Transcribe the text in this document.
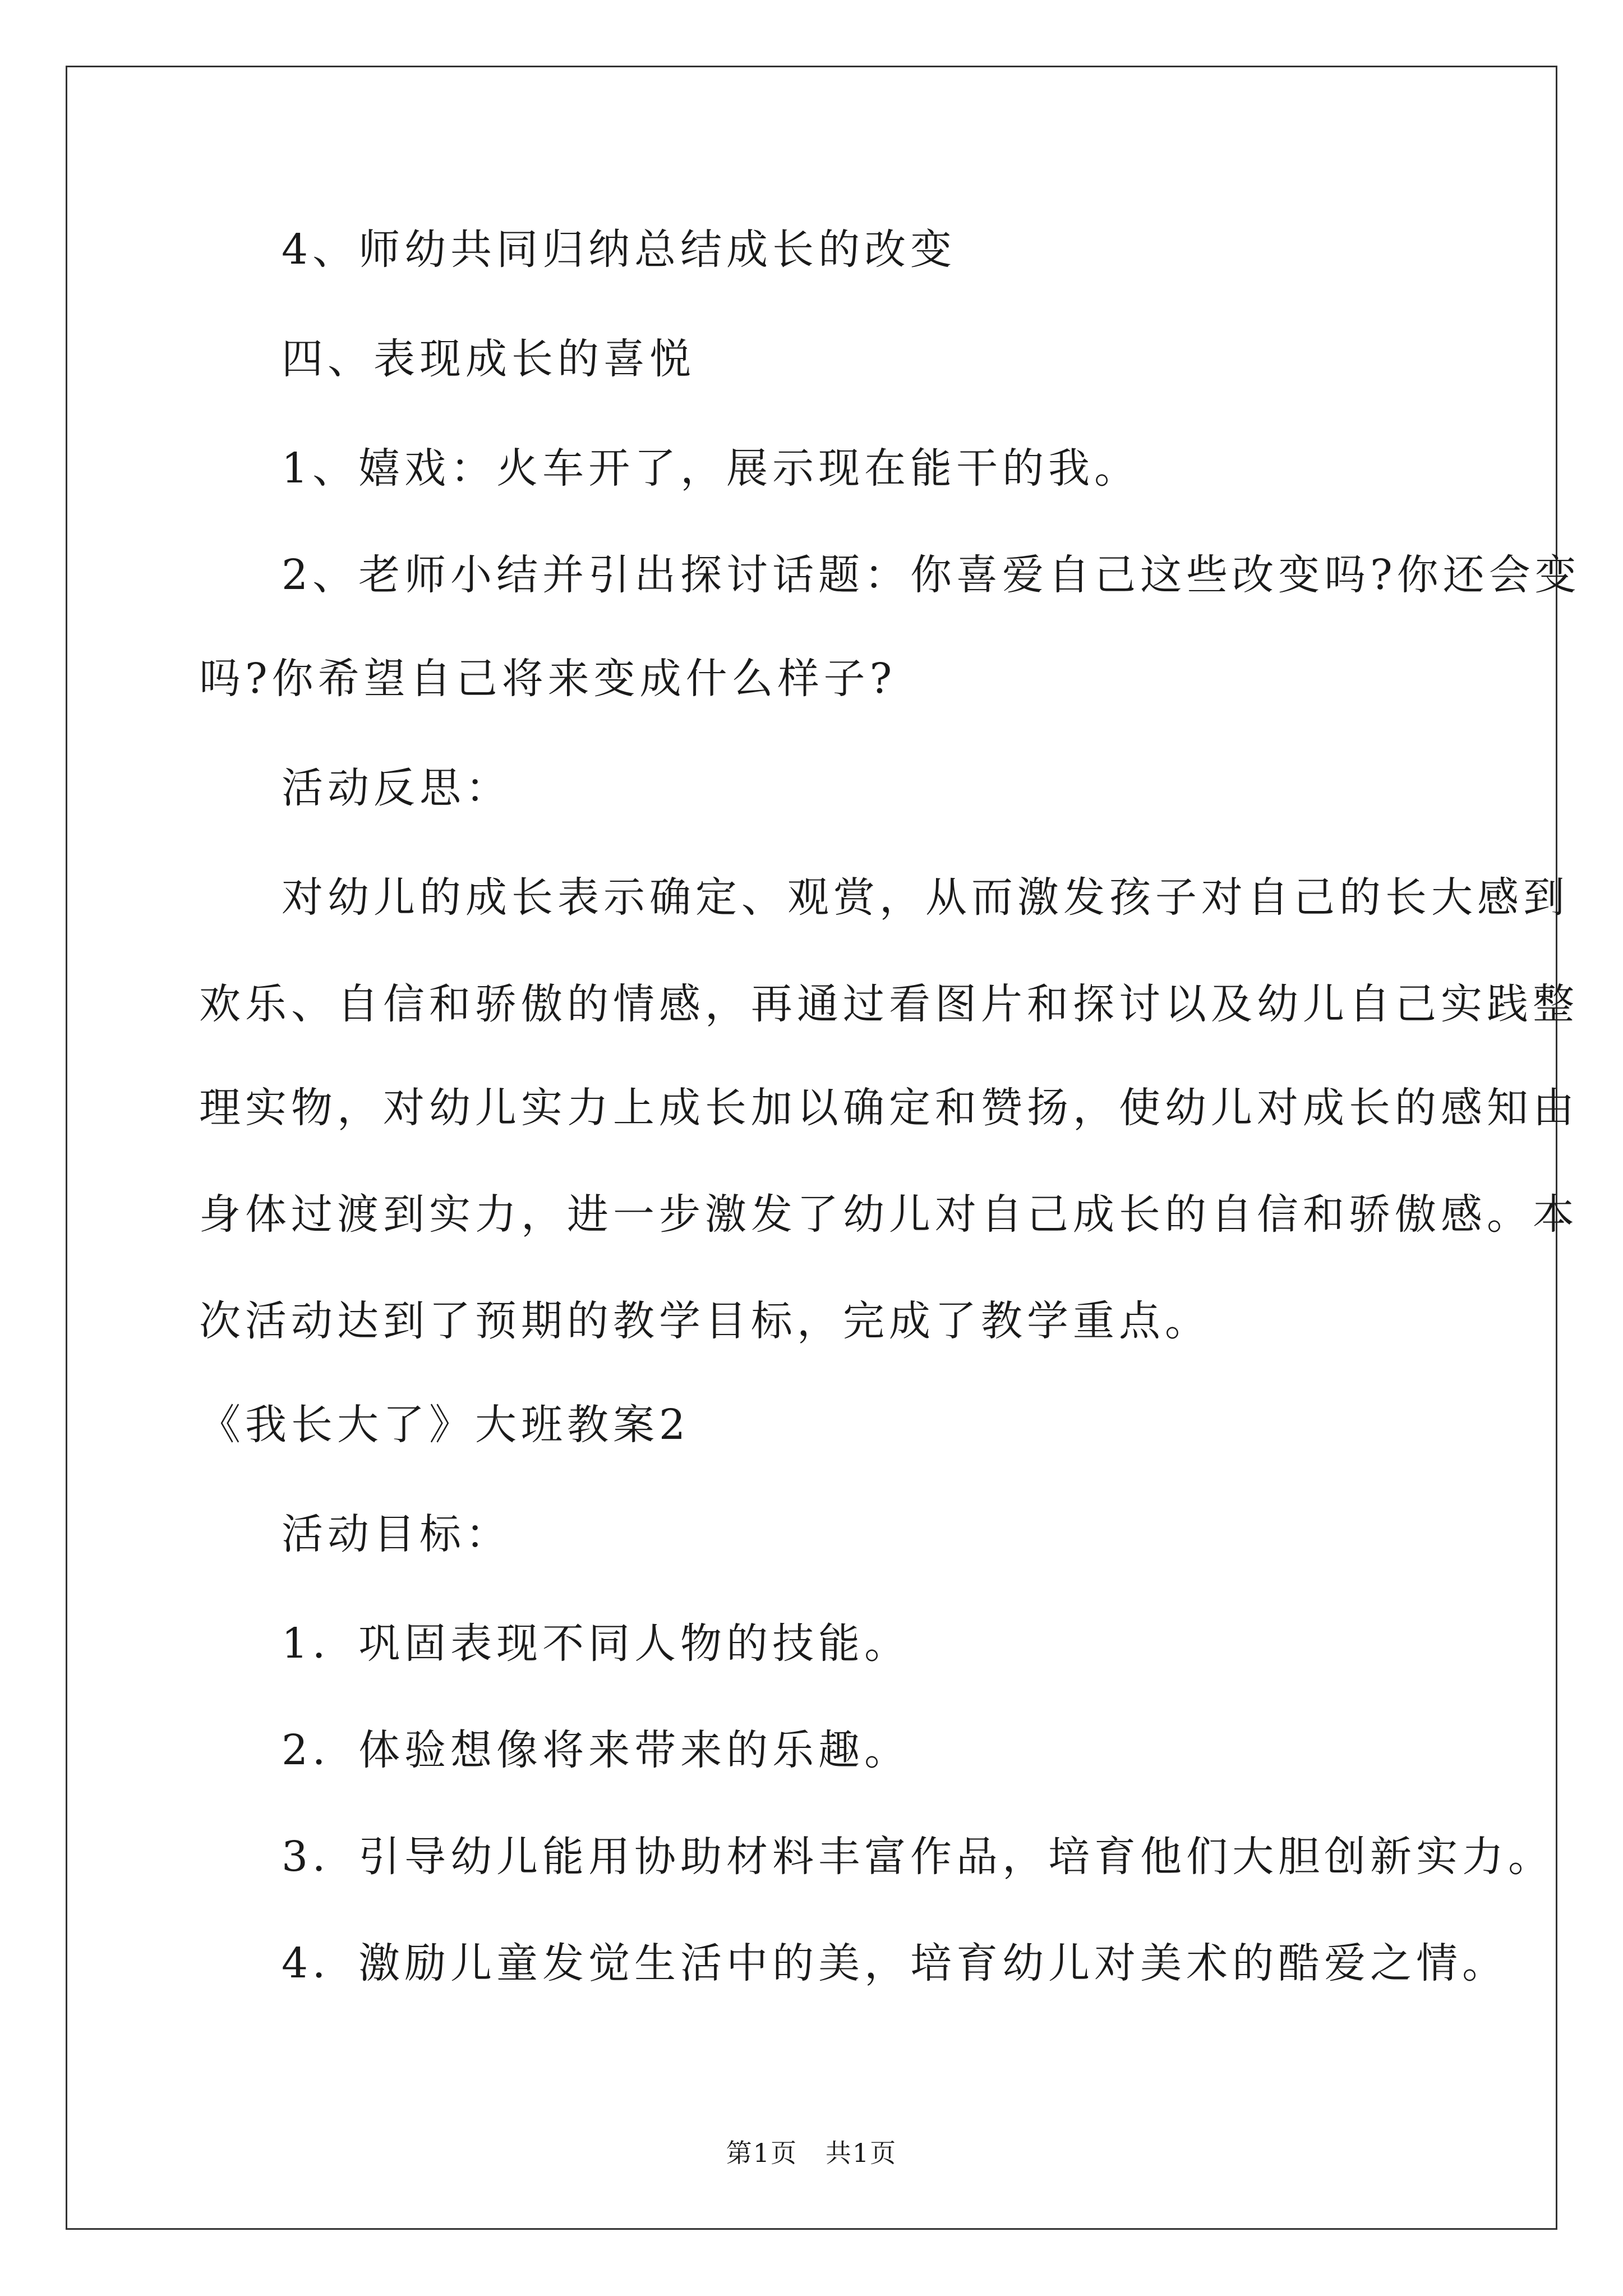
4、师幼共同归纳总结成长的改变
四、表现成长的喜悦
1、嬉戏：火车开了，展示现在能干的我。
2、老师小结并引出探讨话题：你喜爱自己这些改变吗?你还会变
吗?你希望自己将来变成什么样子?
活动反思：
对幼儿的成长表示确定、观赏，从而激发孩子对自己的长大感到
欢乐、自信和骄傲的情感，再通过看图片和探讨以及幼儿自己实践整
理实物，对幼儿实力上成长加以确定和赞扬，使幼儿对成长的感知由
身体过渡到实力，进一步激发了幼儿对自己成长的自信和骄傲感。本
次活动达到了预期的教学目标，完成了教学重点。
《我长大了》大班教案2
活动目标：
1．巩固表现不同人物的技能。
2．体验想像将来带来的乐趣。
3．引导幼儿能用协助材料丰富作品，培育他们大胆创新实力。
4．激励儿童发觉生活中的美，培育幼儿对美术的酷爱之情。
第1页   共1页
